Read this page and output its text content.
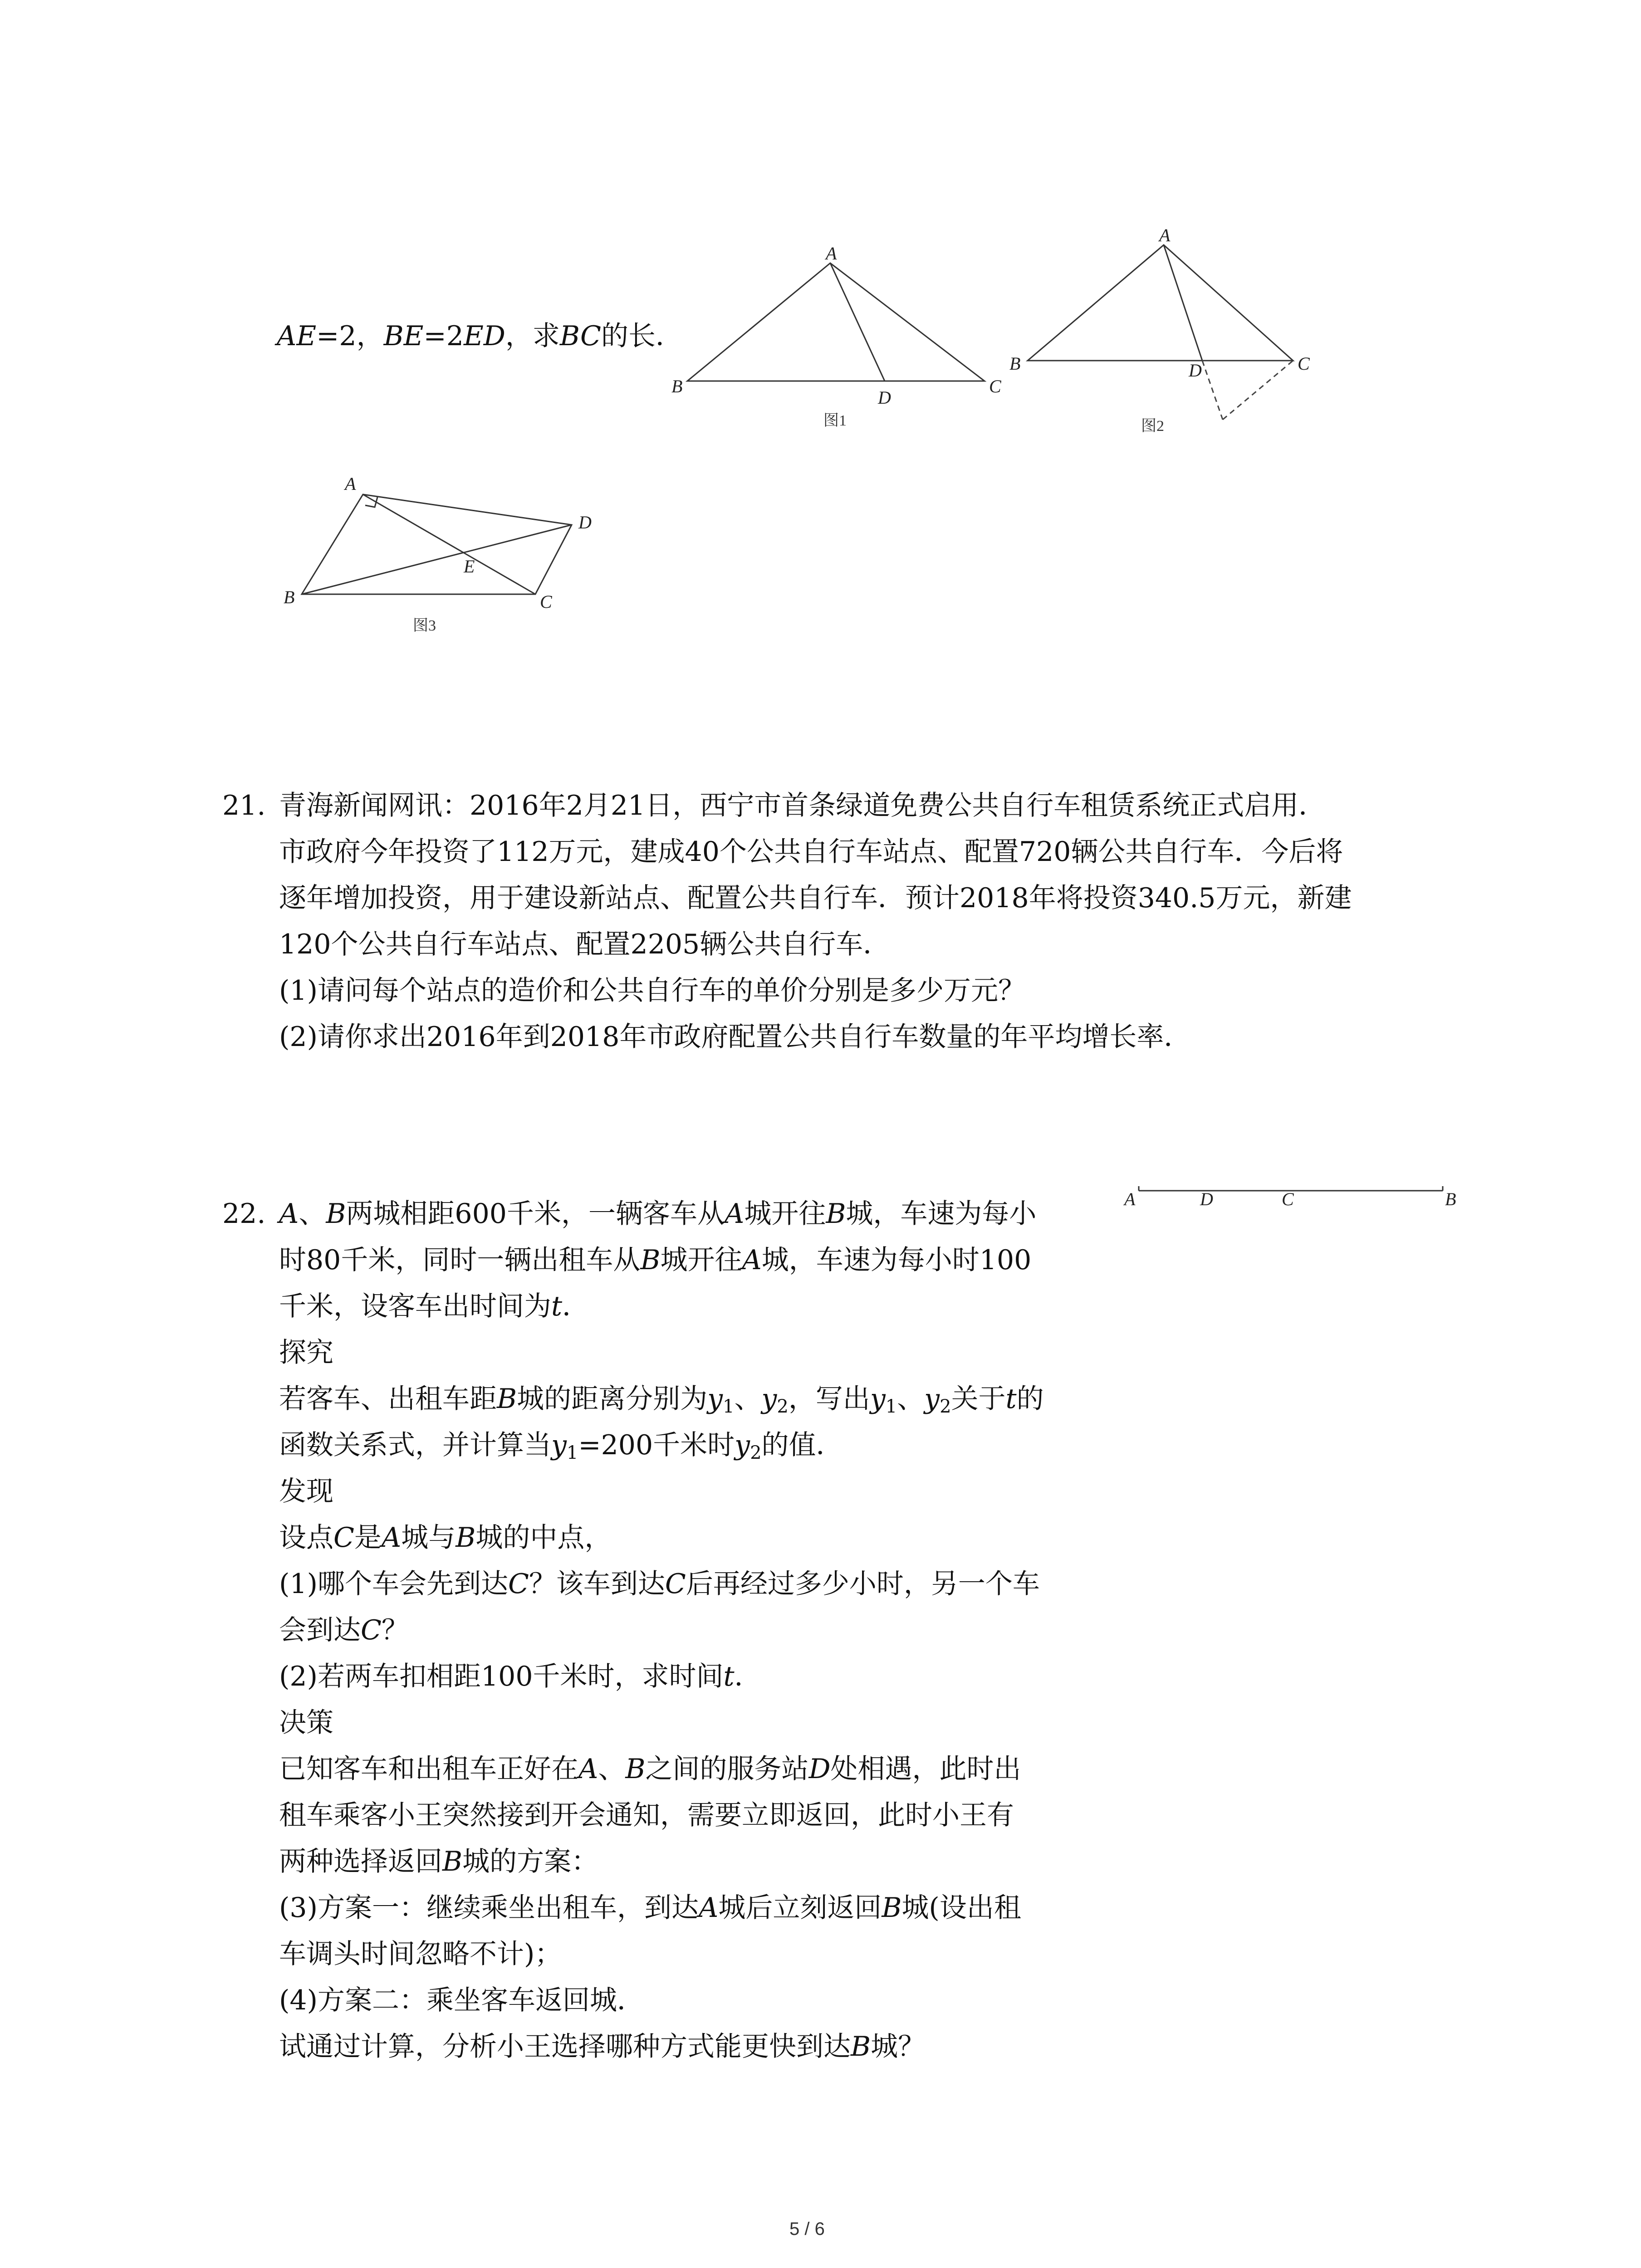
AE=2，BE=2ED，求BC的长．
A
B	C
D
图1
A
B	C
D
图2
A
B	C
D
E
图3
21. 青海新闻网讯：2016年2月21日，西宁市首条绿道免费公共自行车租赁系统正式启用．
市政府今年投资了112万元，建成40个公共自行车站点、配置720辆公共自行车．今后将
逐年增加投资，用于建设新站点、配置公共自行车．预计2018年将投资340.5万元，新建
120个公共自行车站点、配置2205辆公共自行车．
(1)请问每个站点的造价和公共自行车的单价分别是多少万元？
(2)请你求出2016年到2018年市政府配置公共自行车数量的年平均增长率．
22. A、B两城相距600千米，一辆客车从A城开往B城，车速为每小
时80千米，同时一辆出租车从B城开往A城，车速为每小时100
千米，设客车出时间为t．
探究
若客车、出租车距B城的距离分别为$y_1$、$y_2$，写出$y_1$、$y_2$关于t的
函数关系式，并计算当$y_1=200$千米时$y_2$的值．
发现
设点C是A城与B城的中点，
(1)哪个车会先到达C？该车到达C后再经过多少小时，另一个车
会到达C？
(2)若两车扣相距100千米时，求时间t．
决策
已知客车和出租车正好在A、B之间的服务站D处相遇，此时出
租车乘客小王突然接到开会通知，需要立即返回，此时小王有
两种选择返回B城的方案：
(3)方案一：继续乘坐出租车，到达A城后立刻返回B城(设出租
车调头时间忽略不计)；
(4)方案二：乘坐客车返回城．
试通过计算，分析小王选择哪种方式能更快到达B城？
A	D	C	B
5 / 6
